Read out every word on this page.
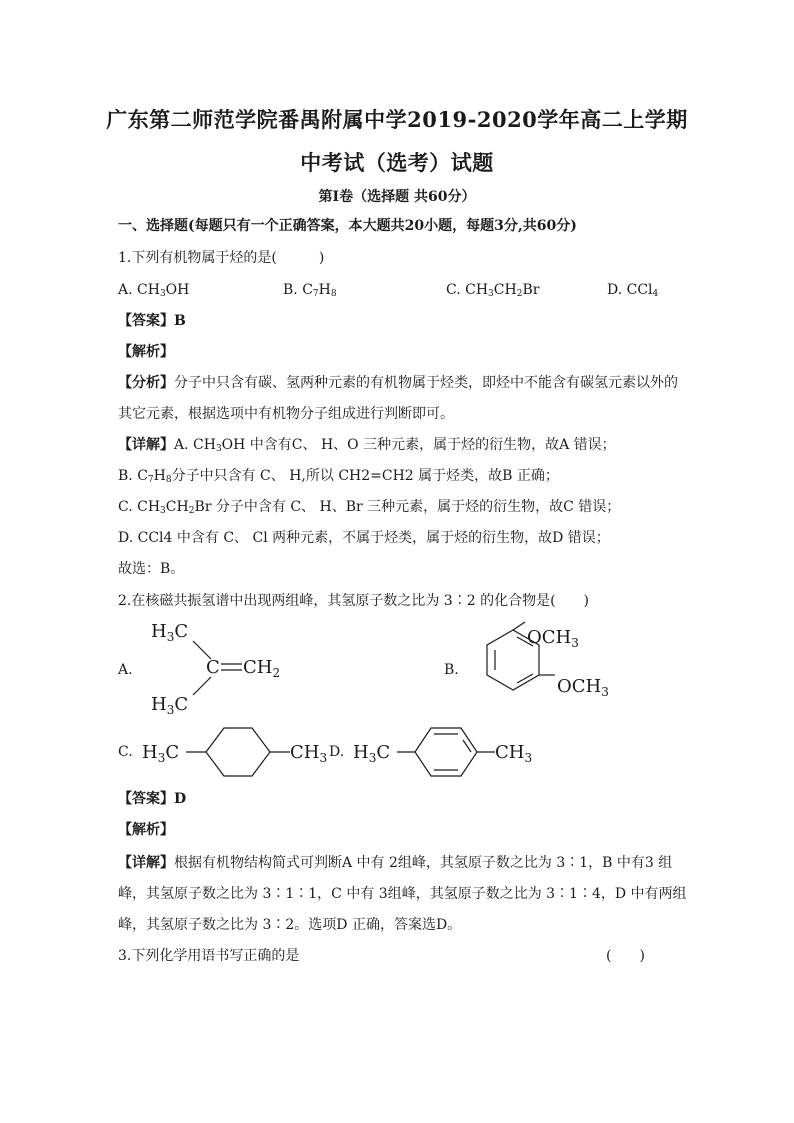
广东第二师范学院番禺附属中学2019-2020学年高二上学期
中考试（选考）试题
第Ⅰ卷（选择题 共60分）
一、选择题(每题只有一个正确答案，本大题共20小题，每题3分,共60分)
1.下列有机物属于烃的是(　　　)
A. $CH_3OH$	B. $C_7H_8$	C. $CH_3CH_2Br$	D. CCl$_4$
【答案】B
【解析】
【分析】分子中只含有碳、氢两种元素的有机物属于烃类，即烃中不能含有碳氢元素以外的
其它元素，根据选项中有机物分子组成进行判断即可。
【详解】A. $CH_3OH$ 中含有C、 H、O 三种元素，属于烃的衍生物，故A 错误；
B. $C_7H_8$分子中只含有 C、 H,所以 CH2=CH2 属于烃类，故B 正确；
C. $CH_3CH_2Br$ 分子中含有 C、 H、Br 三种元素，属于烃的衍生物，故C 错误；
D. CCl4 中含有 C、 Cl 两种元素，不属于烃类，属于烃的衍生物，故D 错误；
故选：B。
2.在核磁共振氢谱中出现两组峰，其氢原子数之比为 3∶2 的化合物是(　　)
A.
$H_3C$
C $CH_2$
$H_3C$
B.
$OCH_3$
$OCH_3$
C. $H_3C$	$CH_3$ D. $H_3C$	$CH_3$
【答案】D
【解析】
【详解】根据有机物结构简式可判断A 中有 2组峰，其氢原子数之比为 3∶1，B 中有3 组
峰，其氢原子数之比为 3∶1∶1，C 中有 3组峰，其氢原子数之比为 3∶1∶4，D 中有两组
峰，其氢原子数之比为 3∶2。选项D 正确，答案选D。
3.下列化学用语书写正确的是	(　　)
